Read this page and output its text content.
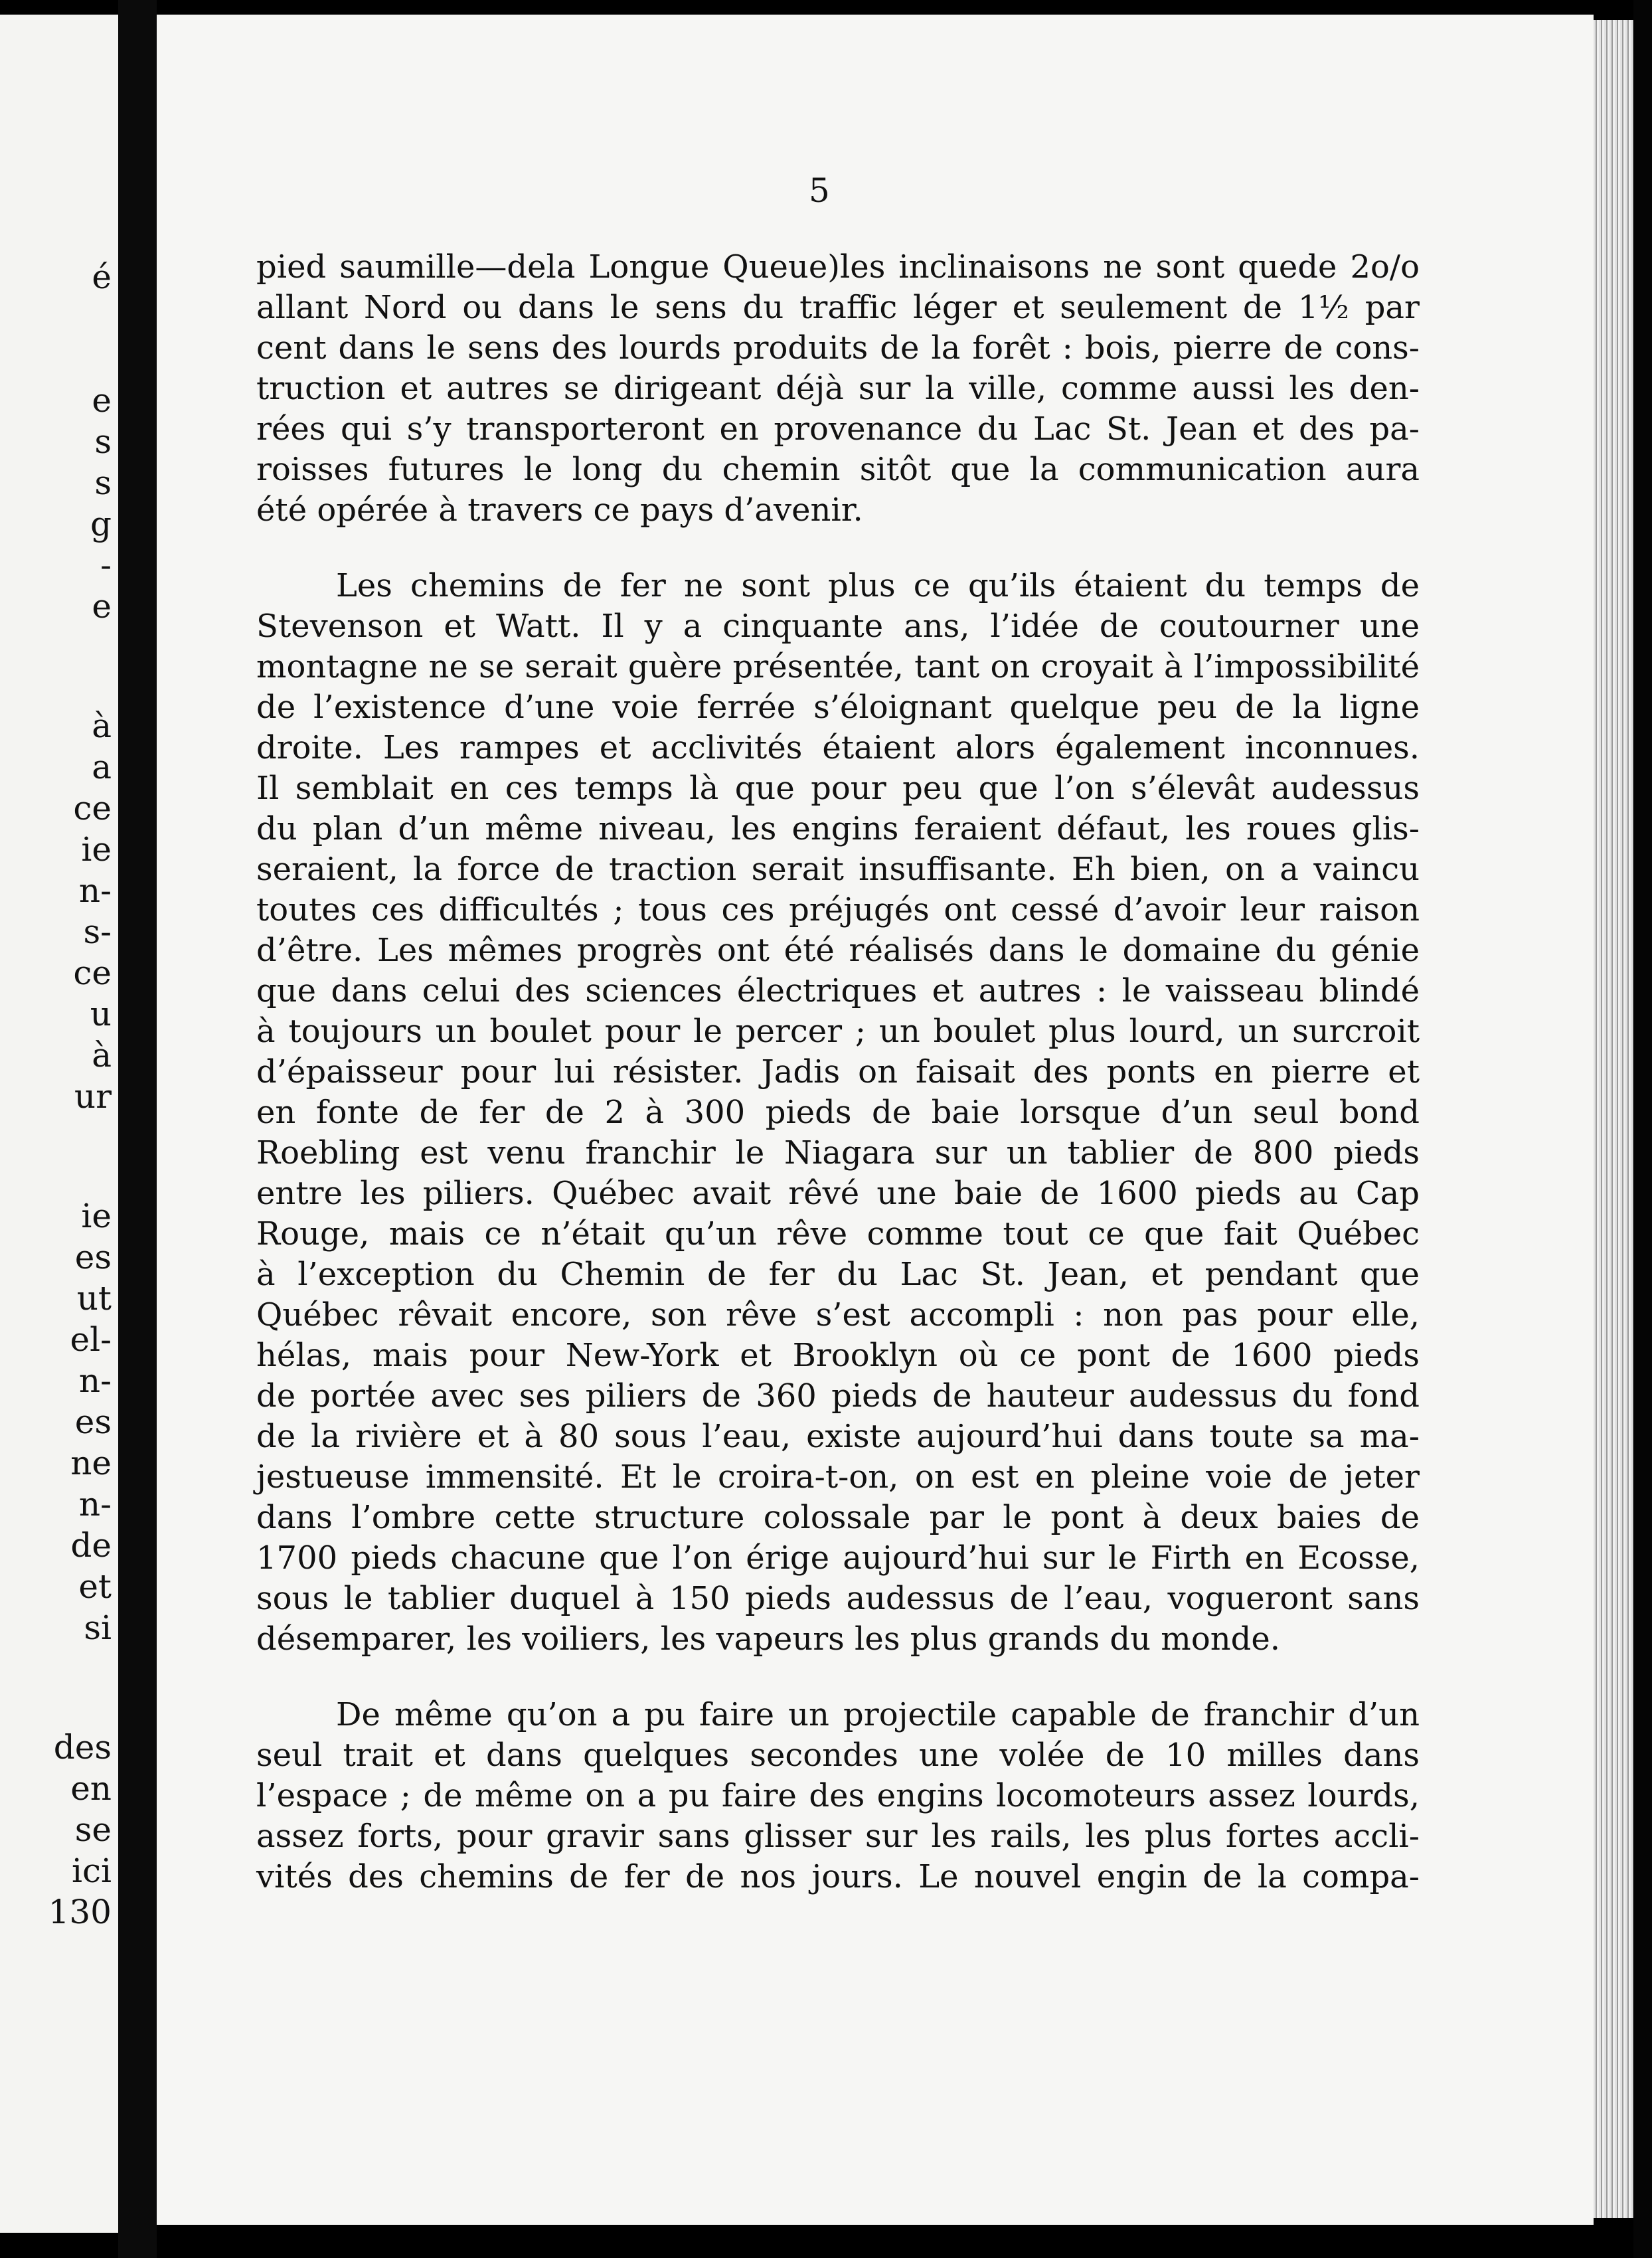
é
e
s
s
g
-
e
à
a
ce
ie
n-
s-
ce
u
à
ur
ie
es
ut
el-
n-
es
ne
n-
de
et
si
des
en
se
ici
130

5

pied saumille—dela Longue Queue)les inclinaisons ne sont quede 2o/o
allant Nord ou dans le sens du traffic léger et seulement de 1½ par
cent dans le sens des lourds produits de la forêt : bois, pierre de cons-
truction et autres se dirigeant déjà sur la ville, comme aussi les den-
rées qui s’y transporteront en provenance du Lac St. Jean et des pa-
roisses futures le long du chemin sitôt que la communication aura
été opérée à travers ce pays d’avenir.
Les chemins de fer ne sont plus ce qu’ils étaient du temps de
Stevenson et Watt. Il y a cinquante ans, l’idée de coutourner une
montagne ne se serait guère présentée, tant on croyait à l’impossibilité
de l’existence d’une voie ferrée s’éloignant quelque peu de la ligne
droite. Les rampes et acclivités étaient alors également inconnues.
Il semblait en ces temps là que pour peu que l’on s’élevât audessus
du plan d’un même niveau, les engins feraient défaut, les roues glis-
seraient, la force de traction serait insuffisante. Eh bien, on a vaincu
toutes ces difficultés ; tous ces préjugés ont cessé d’avoir leur raison
d’être. Les mêmes progrès ont été réalisés dans le domaine du génie
que dans celui des sciences électriques et autres : le vaisseau blindé
à toujours un boulet pour le percer ; un boulet plus lourd, un surcroit
d’épaisseur pour lui résister. Jadis on faisait des ponts en pierre et
en fonte de fer de 2 à 300 pieds de baie lorsque d’un seul bond
Roebling est venu franchir le Niagara sur un tablier de 800 pieds
entre les piliers. Québec avait rêvé une baie de 1600 pieds au Cap
Rouge, mais ce n’était qu’un rêve comme tout ce que fait Québec
à l’exception du Chemin de fer du Lac St. Jean, et pendant que
Québec rêvait encore, son rêve s’est accompli : non pas pour elle,
hélas, mais pour New-York et Brooklyn où ce pont de 1600 pieds
de portée avec ses piliers de 360 pieds de hauteur audessus du fond
de la rivière et à 80 sous l’eau, existe aujourd’hui dans toute sa ma-
jestueuse immensité. Et le croira-t-on, on est en pleine voie de jeter
dans l’ombre cette structure colossale par le pont à deux baies de
1700 pieds chacune que l’on érige aujourd’hui sur le Firth en Ecosse,
sous le tablier duquel à 150 pieds audessus de l’eau, vogueront sans
désemparer, les voiliers, les vapeurs les plus grands du monde.
De même qu’on a pu faire un projectile capable de franchir d’un
seul trait et dans quelques secondes une volée de 10 milles dans
l’espace ; de même on a pu faire des engins locomoteurs assez lourds,
assez forts, pour gravir sans glisser sur les rails, les plus fortes accli-
vités des chemins de fer de nos jours. Le nouvel engin de la compa-
